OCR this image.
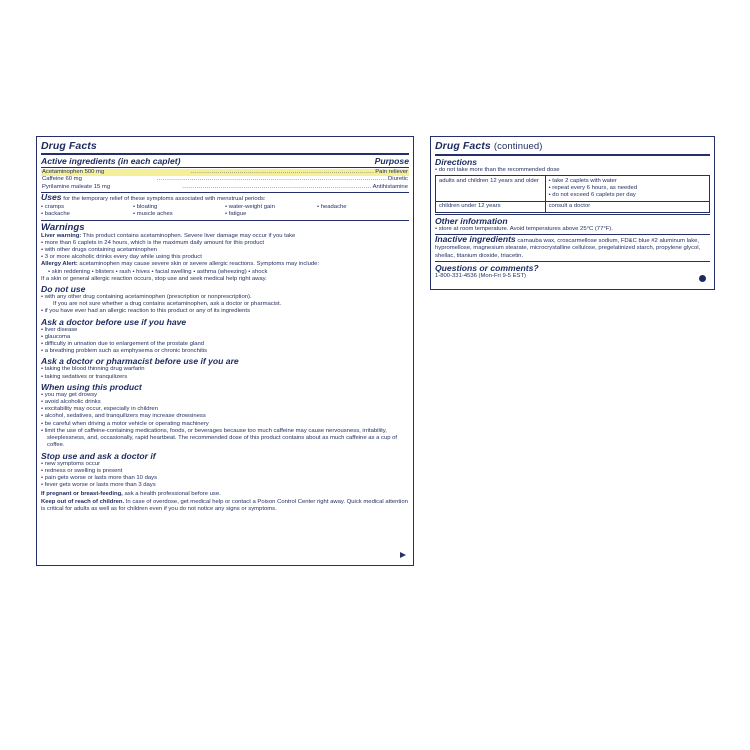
Drug Facts
Active ingredients (in each caplet)	Purpose
Acetaminophen 500 mg	.......................................................................................... Pain reliever
Caffeine 60 mg	................................................................................................................. Diuretic
Pyrilamine maleate 15 mg	............................................................................................. Antihistamine
Uses for the temporary relief of these symptoms associated with menstrual periods:
• cramps	• bloating	• water-weight gain	• headache
• backache	• muscle aches	• fatigue
Warnings
Liver warning: This product contains acetaminophen. Severe liver damage may occur if you take
• more than 6 caplets in 24 hours, which is the maximum daily amount for this product
• with other drugs containing acetaminophen
• 3 or more alcoholic drinks every day while using this product
Allergy Alert: acetaminophen may cause severe skin or severe allergic reactions. Symptoms may include:
• skin reddening • blisters • rash • hives • facial swelling • asthma (wheezing) • shock
If a skin or general allergic reaction occurs, stop use and seek medical help right away.
Do not use
• with any other drug containing acetaminophen (prescription or nonprescription).
If you are not sure whether a drug contains acetaminophen, ask a doctor or pharmacist.
• if you have ever had an allergic reaction to this product or any of its ingredients
Ask a doctor before use if you have
• liver disease
• glaucoma
• difficulty in urination due to enlargement of the prostate gland
• a breathing problem such as emphysema or chronic bronchitis
Ask a doctor or pharmacist before use if you are
• taking the blood thinning drug warfarin
• taking sedatives or tranquilizers
When using this product
• you may get drowsy
• avoid alcoholic drinks
• excitability may occur, especially in children
• alcohol, sedatives, and tranquilizers may increase drowsiness
• be careful when driving a motor vehicle or operating machinery
• limit the use of caffeine-containing medications, foods, or beverages because too much caffeine may cause nervousness, irritability, sleeplessness, and, occasionally, rapid heartbeat. The recommended dose of this product contains about as much caffeine as a cup of coffee.
Stop use and ask a doctor if
• new symptoms occur
• redness or swelling is present
• pain gets worse or lasts more than 10 days
• fever gets worse or lasts more than 3 days
If pregnant or breast-feeding, ask a health professional before use.
Keep out of reach of children. In case of overdose, get medical help or contact a Poison Control Center right away. Quick medical attention is critical for adults as well as for children even if you do not notice any signs or symptoms.
Drug Facts (continued)
Directions
• do not take more than the recommended dose
adults and children 12 years and older	• take 2 caplets with water
• repeat every 6 hours, as needed
• do not exceed 6 caplets per day

children under 12 years	consult a doctor
Other information
• store at room temperature. Avoid temperatures above 25°C (77°F).
Inactive ingredients carnauba wax, croscarmellose sodium, FD&C blue #2 aluminum lake, hypromellose, magnesium stearate, microcrystalline cellulose, pregelatinized starch, propylene glycol, shellac, titanium dioxide, triacetin.
Questions or comments?
1-800-331-4536 (Mon-Fri 9-5 EST)
